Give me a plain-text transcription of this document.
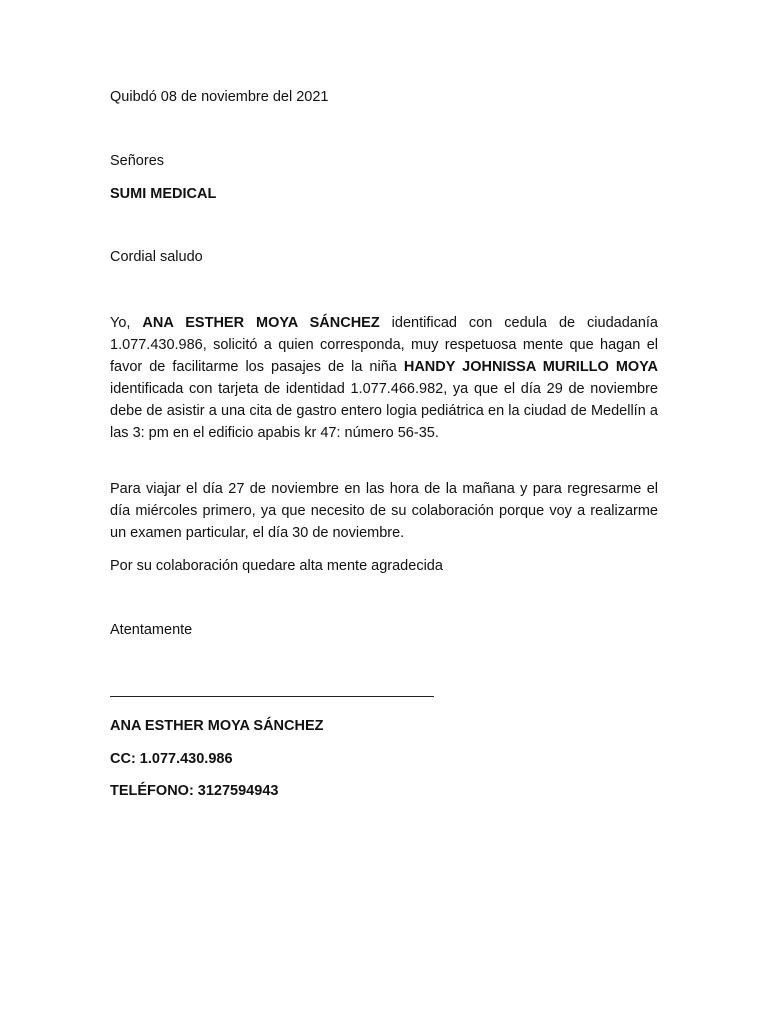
Quibdó 08 de noviembre del 2021

Señores

SUMI MEDICAL

Cordial saludo

Yo, ANA ESTHER MOYA SÁNCHEZ identificad con cedula de ciudadanía 1.077.430.986, solicitó a quien corresponda, muy respetuosa mente que hagan el favor de facilitarme los pasajes de la niña HANDY JOHNISSA MURILLO MOYA identificada con tarjeta de identidad 1.077.466.982, ya que el día 29 de noviembre debe de asistir a una cita de gastro entero logia pediátrica en la ciudad de Medellín a las 3: pm en el edificio apabis kr 47: número 56-35.

Para viajar el día 27 de noviembre en las hora de la mañana y para regresarme el día miércoles primero, ya que necesito de su colaboración porque voy a realizarme un examen particular, el día 30 de noviembre.

Por su colaboración quedare alta mente agradecida

Atentamente

ANA ESTHER MOYA SÁNCHEZ

CC: 1.077.430.986

TELÉFONO: 3127594943
